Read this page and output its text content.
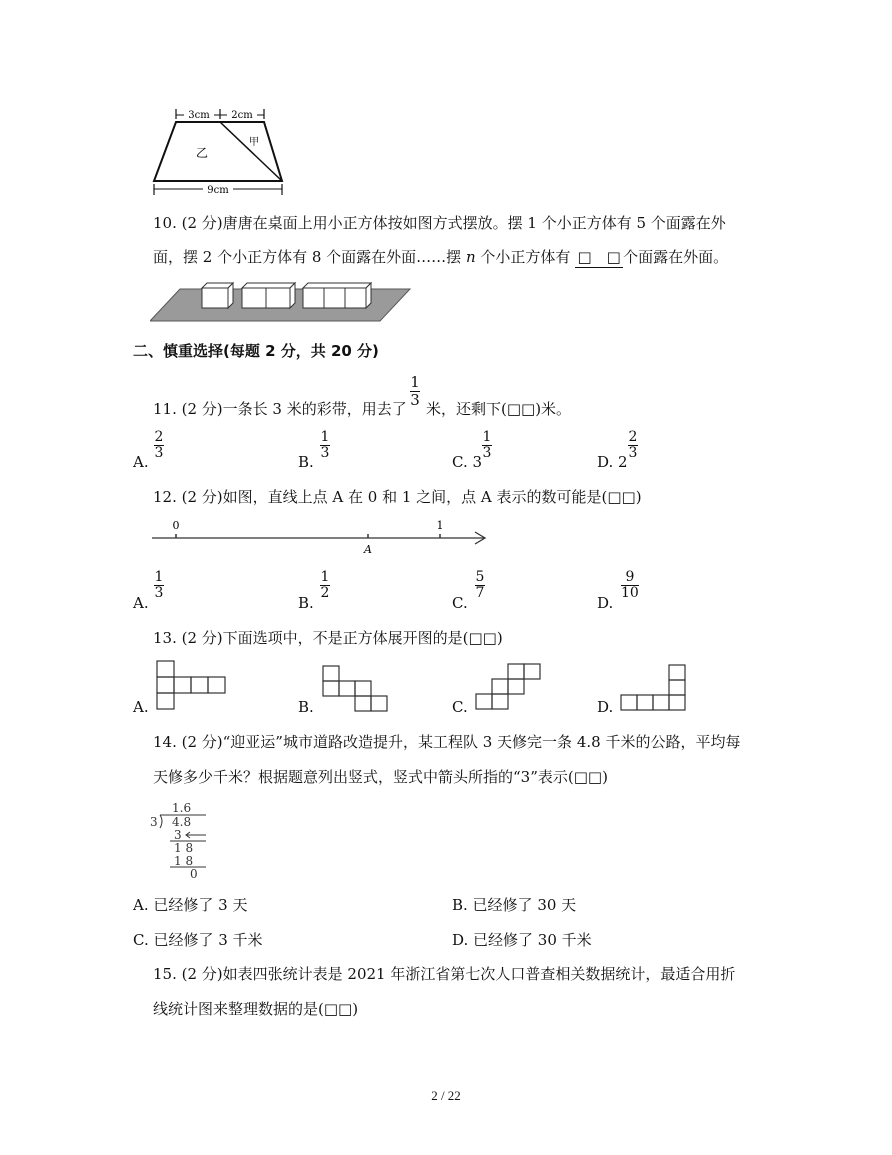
3cm 2cm
乙
甲
9cm
10. (2 分)唐唐在桌面上用小正方体按如图方式摆放。摆 1 个小正方体有 5 个面露在外
面，摆 2 个小正方体有 8 个面露在外面……摆 n 个小正方体有 □　□ 个面露在外面。
二、慎重选择(每题 2 分，共 20 分)
11. (2 分)一条长 3 米的彩带，用去了
1
3 米，还剩下(□□)米。
A.
2
3	B.
1
3	C. 3
1
3	D. 2
2
3
12. (2 分)如图，直线上点 A 在 0 和 1 之间，点 A 表示的数可能是(□□)
0	1
A
A.
1
3
B.
1
2
C.
5
7
D.
9
10
13. (2 分)下面选项中，不是正方体展开图的是(□□)
A.	B.	C.	D.
14. (2 分)“迎亚运”城市道路改造提升，某工程队 3 天修完一条 4.8 千米的公路，平均每
天修多少千米？根据题意列出竖式，竖式中箭头所指的“3”表示(□□)
1.6
3 4.8
3
1 8
1 8
0
A. 已经修了 3 天	B. 已经修了 30 天
C. 已经修了 3 千米	D. 已经修了 30 千米
15. (2 分)如表四张统计表是 2021 年浙江省第七次人口普查相关数据统计，最适合用折
线统计图来整理数据的是(□□)
2 / 22
